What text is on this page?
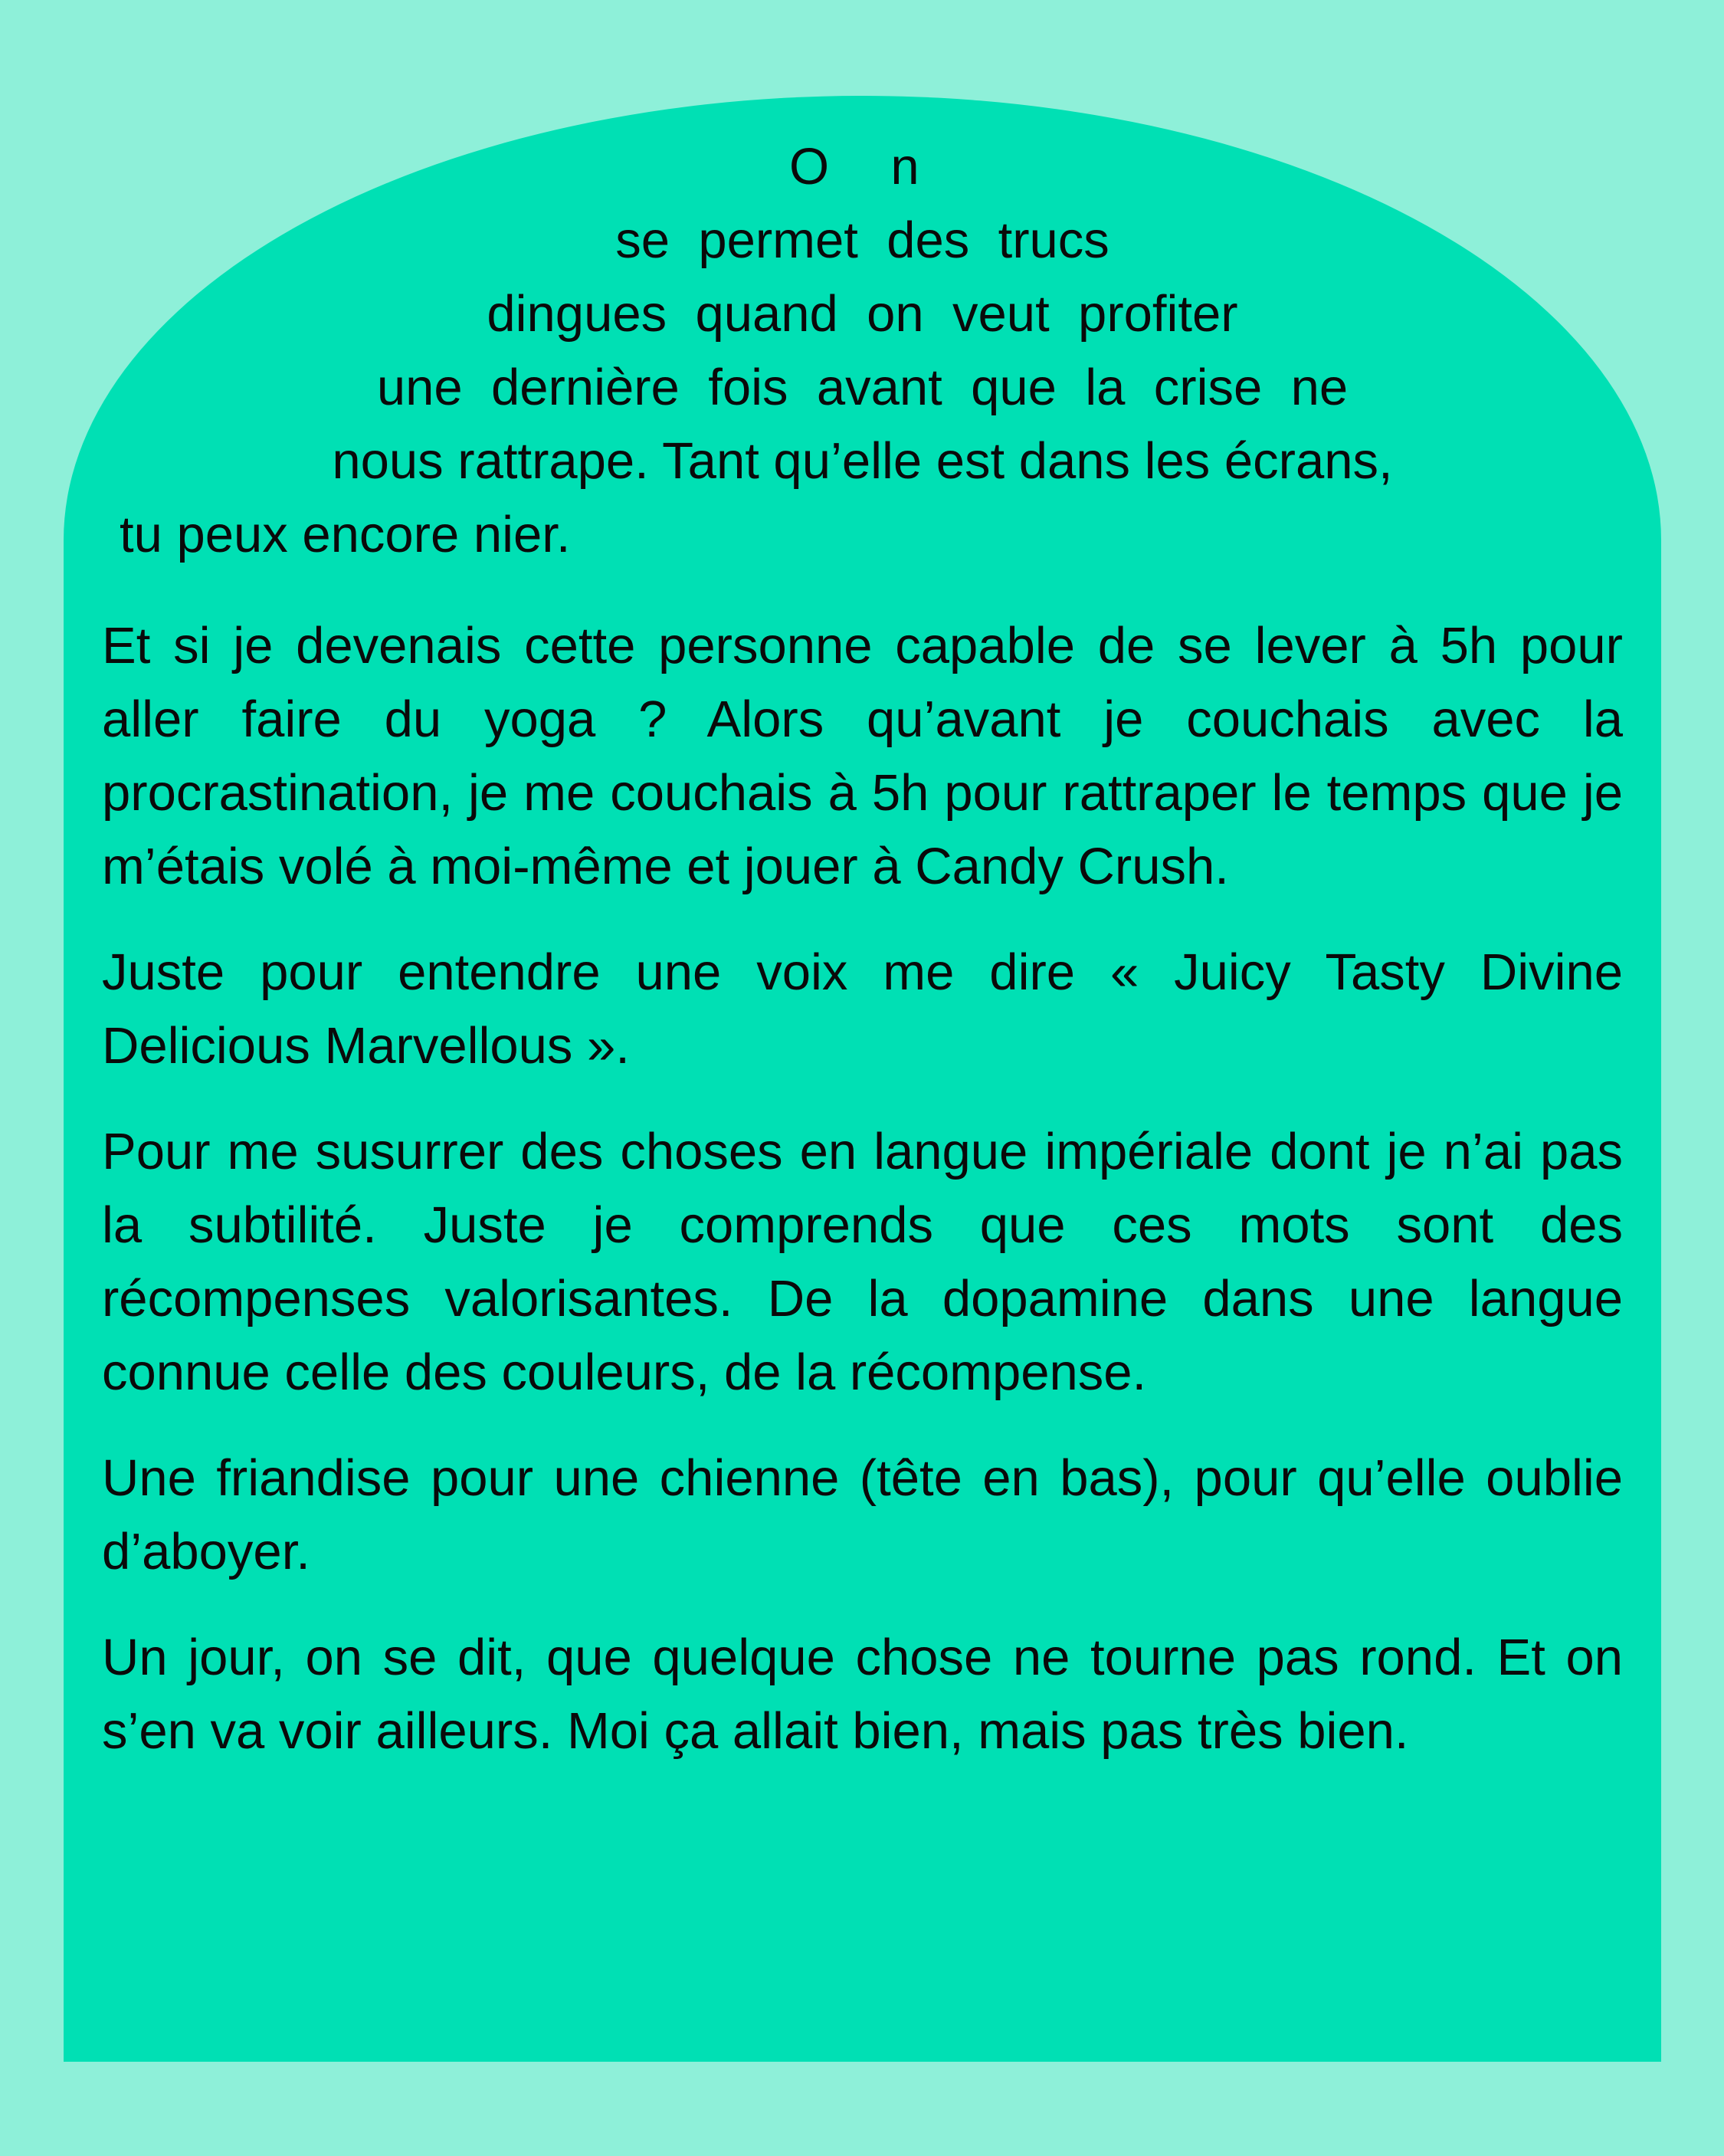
O n
se permet des trucs
dingues quand on veut profiter
une dernière fois avant que la crise ne
nous rattrape. Tant qu’elle est dans les écrans,
tu peux encore nier.

Et si je devenais cette personne capable de se lever à 5h pour aller faire du yoga ? Alors qu’avant je couchais avec la procrastination, je me couchais à 5h pour rattraper le temps que je m’étais volé à moi-même et jouer à Candy Crush.

Juste pour entendre une voix me dire « Juicy Tasty Divine Delicious Marvellous ».

Pour me susurrer des choses en langue impériale dont je n’ai pas la subtilité. Juste je comprends que ces mots sont des récompenses valorisantes. De la dopamine dans une langue connue celle des couleurs, de la récompense.

Une friandise pour une chienne (tête en bas), pour qu’elle oublie d’aboyer.

Un jour, on se dit, que quelque chose ne tourne pas rond. Et on s’en va voir ailleurs. Moi ça allait bien, mais pas très bien.
